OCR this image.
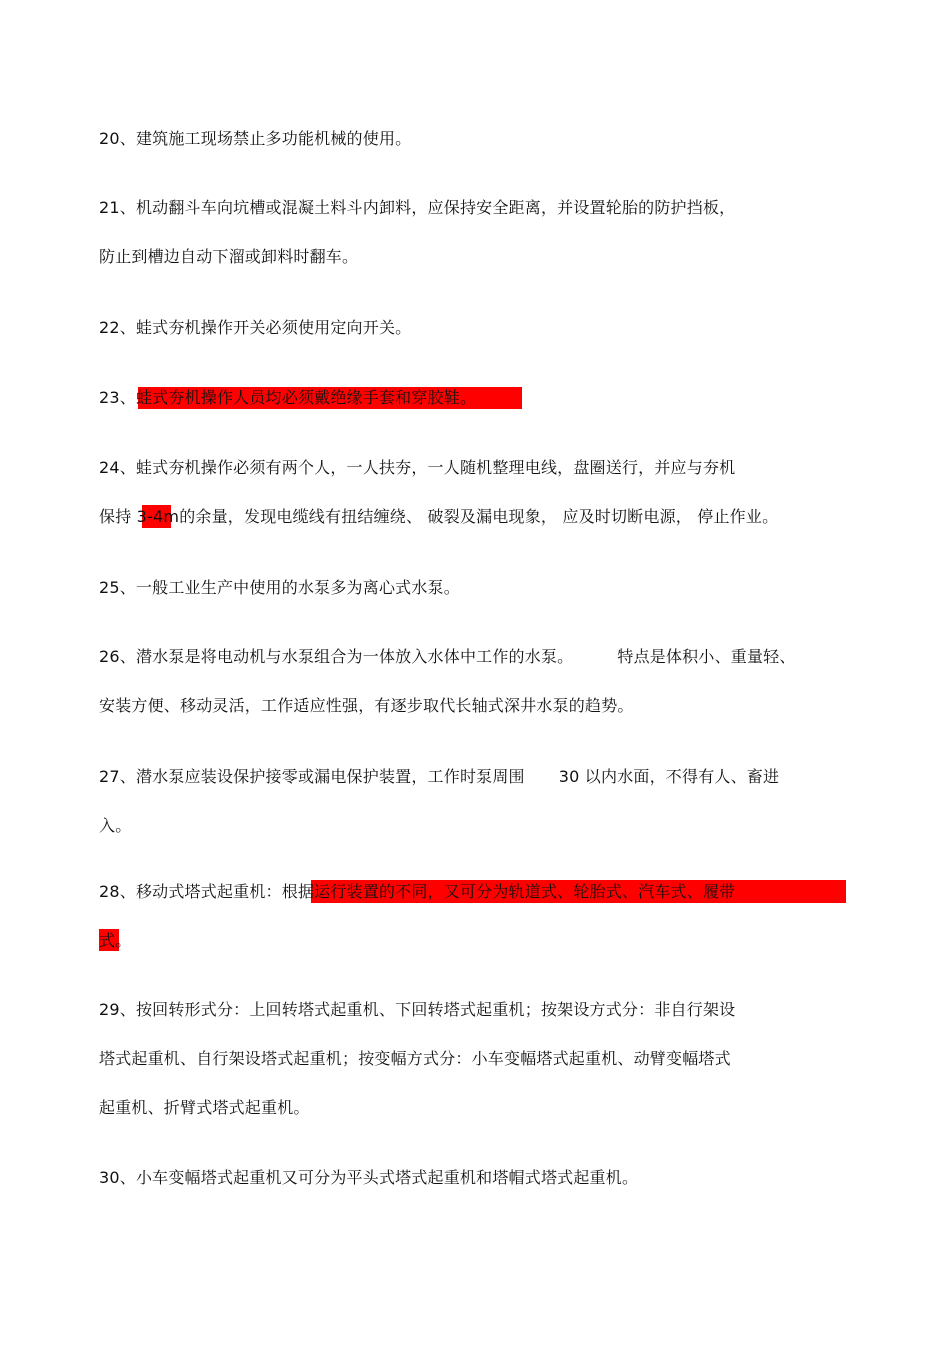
20、建筑施工现场禁止多功能机械的使用。
21、机动翻斗车向坑槽或混凝土料斗内卸料，应保持安全距离，并设置轮胎的防护挡板，
防止到槽边自动下溜或卸料时翻车。
22、蛙式夯机操作开关必须使用定向开关。
23、蛙式夯机操作人员均必须戴绝缘手套和穿胶鞋。
24、蛙式夯机操作必须有两个人，一人扶夯，一人随机整理电线，盘圈送行，并应与夯机
保持 3-4m的余量，发现电缆线有扭结缠绕、 破裂及漏电现象， 应及时切断电源， 停止作业。
25、一般工业生产中使用的水泵多为离心式水泵。
26、潜水泵是将电动机与水泵组合为一体放入水体中工作的水泵。	特点是体积小、重量轻、
安装方便、移动灵活，工作适应性强，有逐步取代长轴式深井水泵的趋势。
27、潜水泵应装设保护接零或漏电保护装置，工作时泵周围 30 以内水面，不得有人、畜进
入。
28、移动式塔式起重机：根据运行装置的不同，又可分为轨道式、轮胎式、汽车式、履带
式。
29、按回转形式分：上回转塔式起重机、下回转塔式起重机；按架设方式分：非自行架设
塔式起重机、自行架设塔式起重机；按变幅方式分：小车变幅塔式起重机、动臂变幅塔式
起重机、折臂式塔式起重机。
30、小车变幅塔式起重机又可分为平头式塔式起重机和塔帽式塔式起重机。
